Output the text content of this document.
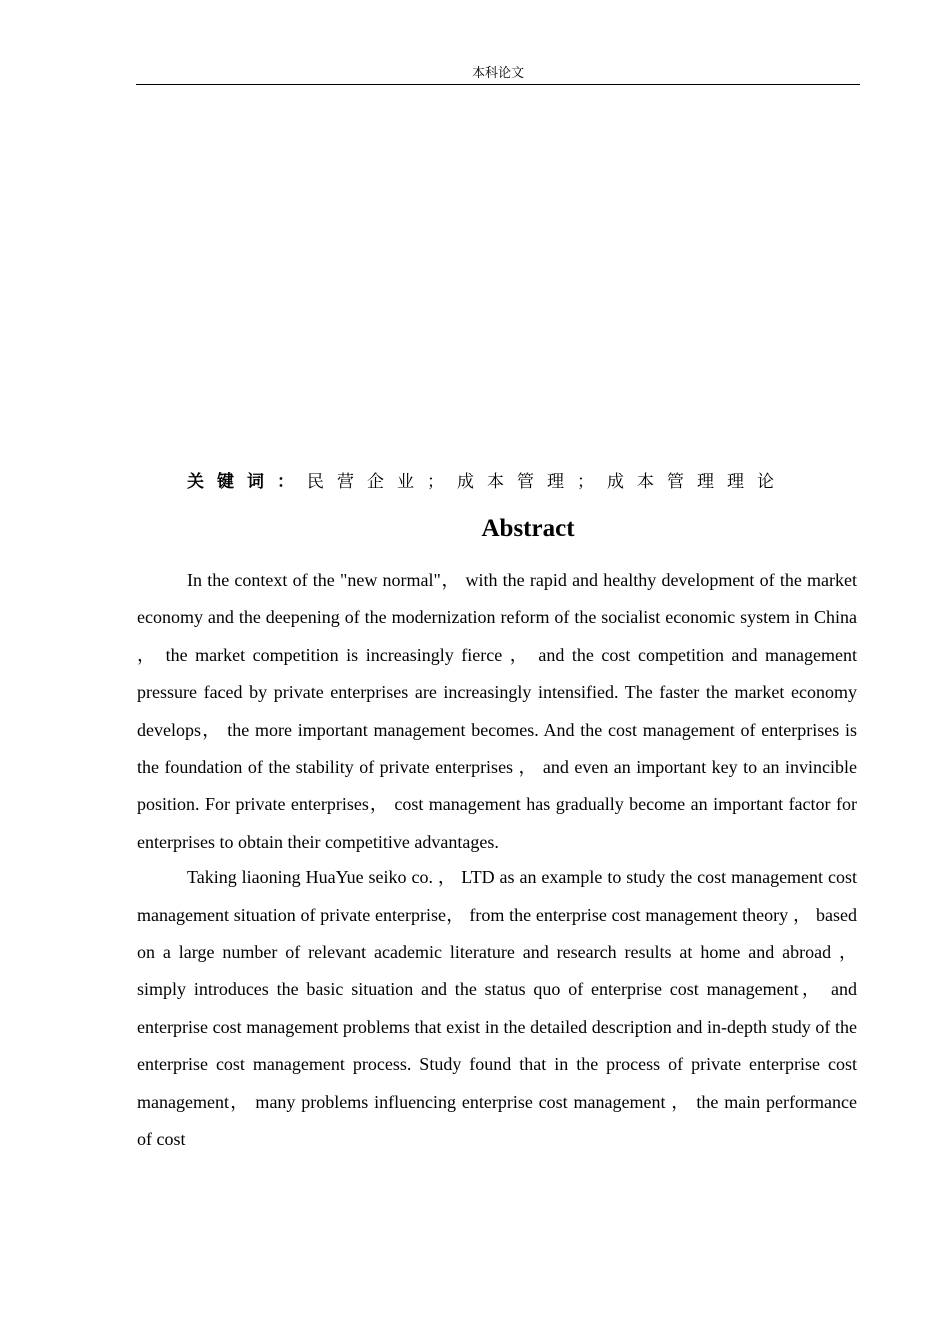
本科论文
关键词：民营企业；成本管理；成本管理理论
Abstract

In the context of the "new normal"， with the rapid and healthy development of the market economy and the deepening of the modernization reform of the socialist economic system in China ， the market competition is increasingly fierce ， and the cost competition and management pressure faced by private enterprises are increasingly intensified. The faster the market economy develops， the more important management becomes. And the cost management of enterprises is the foundation of the stability of private enterprises ， and even an important key to an invincible position. For private enterprises， cost management has gradually become an important factor for enterprises to obtain their competitive advantages.

Taking liaoning HuaYue seiko co. ， LTD as an example to study the cost management cost management situation of private enterprise， from the enterprise cost management theory ， based on a large number of relevant academic literature and research results at home and abroad ， simply introduces the basic situation and the status quo of enterprise cost management， and enterprise cost management problems that exist in the detailed description and in-depth study of the enterprise cost management process. Study found that in the process of private enterprise cost management， many problems influencing enterprise cost management ， the main performance of cost
